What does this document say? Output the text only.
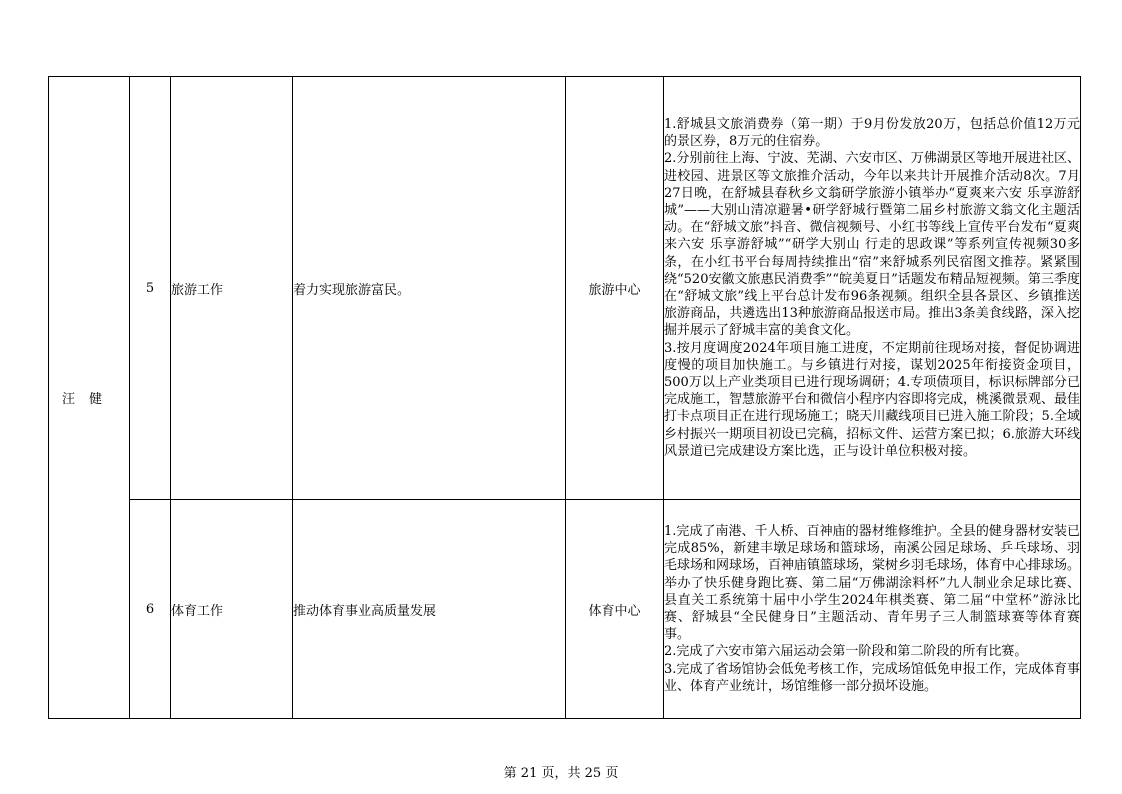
汪健	5	旅游工作	着力实现旅游富民。	旅游中心	1.舒城县文旅消费券（第一期）于9月份发放20万，包括总价值12万元的景区券，8万元的住宿券。

2.分别前往上海、宁波、芜湖、六安市区、万佛湖景区等地开展进社区、进校园、进景区等文旅推介活动，今年以来共计开展推介活动8次。7月27日晚，在舒城县春秋乡文翁研学旅游小镇举办“夏爽来六安 乐享游舒城”——大别山清凉避暑•研学舒城行暨第二届乡村旅游文翁文化主题活动。在“舒城文旅”抖音、微信视频号、小红书等线上宣传平台发布“夏爽来六安 乐享游舒城”“研学大别山 行走的思政课”等系列宣传视频30多条，在小红书平台每周持续推出“宿”来舒城系列民宿图文推荐。紧紧围绕“520安徽文旅惠民消费季”“皖美夏日”话题发布精品短视频。第三季度在“舒城文旅”线上平台总计发布96条视频。组织全县各景区、乡镇推送旅游商品，共遴选出13种旅游商品报送市局。推出3条美食线路，深入挖掘并展示了舒城丰富的美食文化。

3.按月度调度2024年项目施工进度，不定期前往现场对接，督促协调进度慢的项目加快施工。与乡镇进行对接，谋划2025年衔接资金项目，500万以上产业类项目已进行现场调研；4.专项债项目，标识标牌部分已完成施工，智慧旅游平台和微信小程序内容即将完成，桃溪微景观、最佳打卡点项目正在进行现场施工；晓天川藏线项目已进入施工阶段；5.全域乡村振兴一期项目初设已完稿，招标文件、运营方案已拟；6.旅游大环线风景道已完成建设方案比选，正与设计单位积极对接。

	6	体育工作	推动体育事业高质量发展	体育中心	1.完成了南港、千人桥、百神庙的器材维修维护。全县的健身器材安装已完成85%，新建丰墩足球场和篮球场，南溪公园足球场、乒乓球场、羽毛球场和网球场，百神庙镇篮球场，棠树乡羽毛球场，体育中心排球场。举办了快乐健身跑比赛、第二届“万佛湖涂料杯”九人制业余足球比赛、县直关工系统第十届中小学生2024年棋类赛、第二届“中堂杯”游泳比赛、舒城县“全民健身日”主题活动、青年男子三人制篮球赛等体育赛事。

2.完成了六安市第六届运动会第一阶段和第二阶段的所有比赛。

3.完成了省场馆协会低免考核工作，完成场馆低免申报工作，完成体育事业、体育产业统计，场馆维修一部分损坏设施。

第 21 页，共 25 页
